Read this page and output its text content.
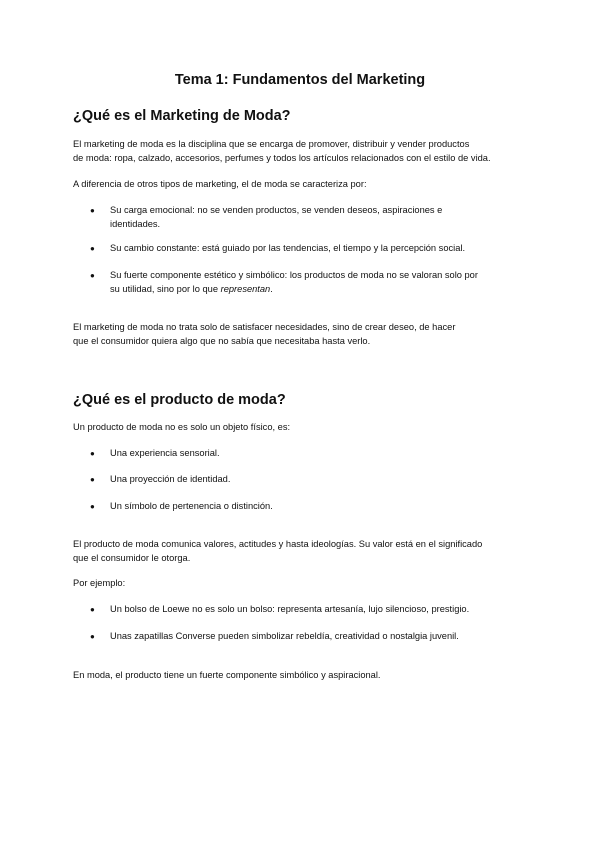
Tema 1: Fundamentos del Marketing
¿Qué es el Marketing de Moda?

El marketing de moda es la disciplina que se encarga de promover, distribuir y vender productos

de moda: ropa, calzado, accesorios, perfumes y todos los artículos relacionados con el estilo de vida.

A diferencia de otros tipos de marketing, el de moda se caracteriza por:

● Su carga emocional: no se venden productos, se venden deseos, aspiraciones e

identidades.

● Su cambio constante: está guiado por las tendencias, el tiempo y la percepción social.

● Su fuerte componente estético y simbólico: los productos de moda no se valoran solo por

su utilidad, sino por lo que representan.

El marketing de moda no trata solo de satisfacer necesidades, sino de crear deseo, de hacer

que el consumidor quiera algo que no sabía que necesitaba hasta verlo.

¿Qué es el producto de moda?

Un producto de moda no es solo un objeto físico, es:

● Una experiencia sensorial.

● Una proyección de identidad.

● Un símbolo de pertenencia o distinción.

El producto de moda comunica valores, actitudes y hasta ideologías. Su valor está en el significado

que el consumidor le otorga.

Por ejemplo:

● Un bolso de Loewe no es solo un bolso: representa artesanía, lujo silencioso, prestigio.

● Unas zapatillas Converse pueden simbolizar rebeldía, creatividad o nostalgia juvenil.

En moda, el producto tiene un fuerte componente simbólico y aspiracional.
